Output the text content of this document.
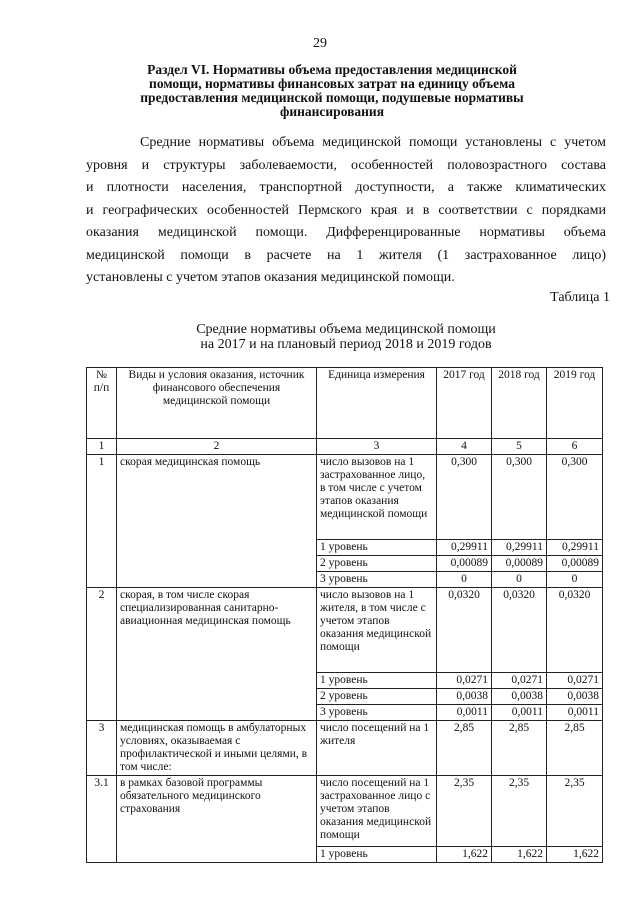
29
Раздел VI. Нормативы объема предоставления медицинской
помощи, нормативы финансовых затрат на единицу объема
предоставления медицинской помощи, подушевые нормативы
финансирования
Средние нормативы объема медицинской помощи установлены с учетом
уровня и структуры заболеваемости, особенностей половозрастного состава
и плотности населения, транспортной доступности, а также климатических
и географических особенностей Пермского края и в соответствии с порядками
оказания медицинской помощи. Дифференцированные нормативы объема
медицинской помощи в расчете на 1 жителя (1 застрахованное лицо)
установлены с учетом этапов оказания медицинской помощи.
Таблица 1
Средние нормативы объема медицинской помощи
на 2017 и на плановый период 2018 и 2019 годов
№ п/п	Виды и условия оказания, источник финансового обеспечения медицинской помощи	Единица измерения	2017 год	2018 год	2019 год
1	2	3	4	5	6
1	скорая медицинская помощь	число вызовов на 1 застрахованное лицо, в том числе с учетом этапов оказания медицинской помощи	0,300	0,300	0,300
		1 уровень	0,29911	0,29911	0,29911
		2 уровень	0,00089	0,00089	0,00089
		3 уровень	0	0	0
2	скорая, в том числе скорая специализированная санитарно-авиационная медицинская помощь	число вызовов на 1 жителя, в том числе с учетом этапов оказания медицинской помощи	0,0320	0,0320	0,0320
		1 уровень	0,0271	0,0271	0,0271
		2 уровень	0,0038	0,0038	0,0038
		3 уровень	0,0011	0,0011	0,0011
3	медицинская помощь в амбулаторных условиях, оказываемая с профилактической и иными целями, в том числе:	число посещений на 1 жителя	2,85	2,85	2,85
3.1	в рамках базовой программы обязательного медицинского страхования	число посещений на 1 застрахованное лицо с учетом этапов оказания медицинской помощи	2,35	2,35	2,35
		1 уровень	1,622	1,622	1,622
